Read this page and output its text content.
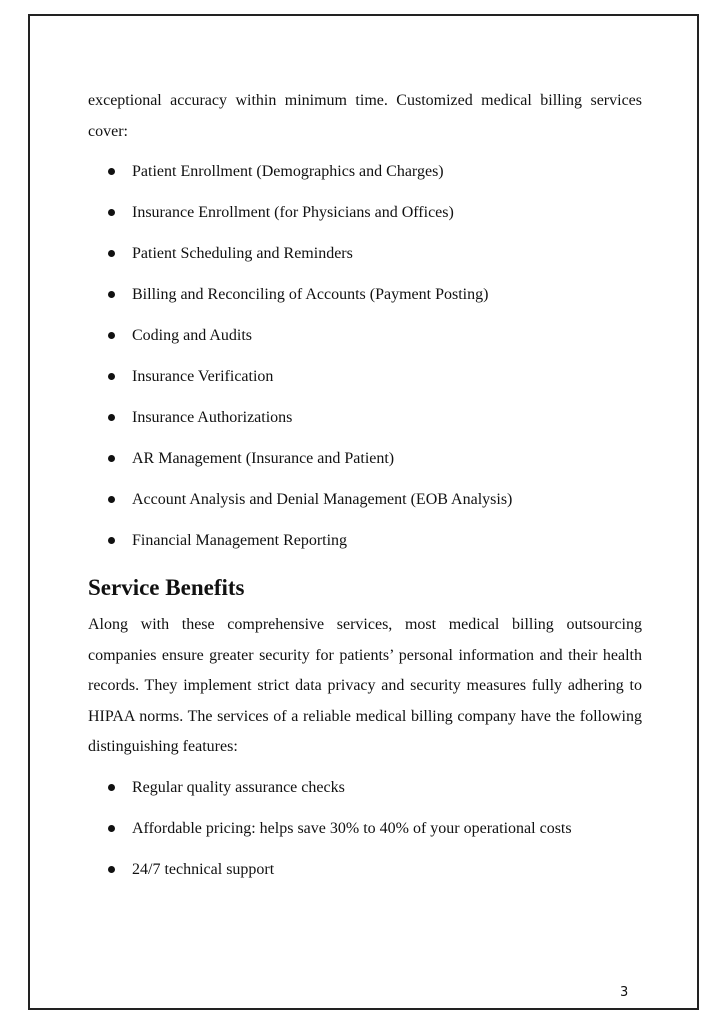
exceptional accuracy within minimum time. Customized medical billing services cover:

Patient Enrollment (Demographics and Charges)
Insurance Enrollment (for Physicians and Offices)
Patient Scheduling and Reminders
Billing and Reconciling of Accounts (Payment Posting)
Coding and Audits
Insurance Verification
Insurance Authorizations
AR Management (Insurance and Patient)
Account Analysis and Denial Management (EOB Analysis)
Financial Management Reporting
Service Benefits

Along with these comprehensive services, most medical billing outsourcing companies ensure greater security for patients’ personal information and their health records. They implement strict data privacy and security measures fully adhering to HIPAA norms. The services of a reliable medical billing company have the following distinguishing features:

Regular quality assurance checks
Affordable pricing: helps save 30% to 40% of your operational costs
24/7 technical support
3
